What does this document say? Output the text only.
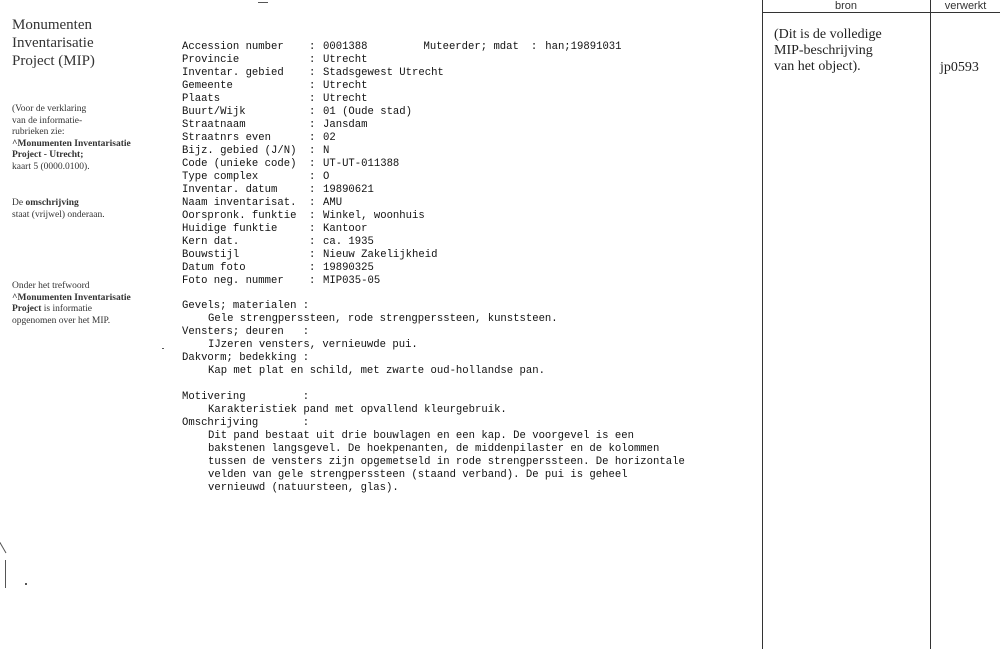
Monumenten
Inventarisatie
Project (MIP)
(Voor de verklaring
van de informatie-
rubrieken zie:
^Monumenten Inventarisatie
Project - Utrecht;
kaart 5 (0000.0100).
De omschrijving
staat (vrijwel) onderaan.
Onder het trefwoord
^Monumenten Inventarisatie
Project is informatie
opgenomen over het MIP.
Accession number	: 0001388	Muteerder; mdat : han;19891031
Provincie	: Utrecht
Inventar. gebied	: Stadsgewest Utrecht
Gemeente	: Utrecht
Plaats	: Utrecht
Buurt/Wijk	: 01 (Oude stad)
Straatnaam	: Jansdam
Straatnrs even	: 02
Bijz. gebied (J/N)	: N
Code (unieke code)	: UT-UT-011388
Type complex	: O
Inventar. datum	: 19890621
Naam inventarisat.	: AMU
Oorspronk. funktie	: Winkel, woonhuis
Huidige funktie	: Kantoor
Kern dat.	: ca. 1935
Bouwstijl	: Nieuw Zakelijkheid
Datum foto	: 19890325
Foto neg. nummer	: MIP035-05
Gevels; materialen :
Gele strengperssteen, rode strengperssteen, kunststeen.
Vensters; deuren   :
IJzeren vensters, vernieuwde pui.
Dakvorm; bedekking :
Kap met plat en schild, met zwarte oud-hollandse pan.
Motivering         :
Karakteristiek pand met opvallend kleurgebruik.
Omschrijving       :
Dit pand bestaat uit drie bouwlagen en een kap. De voorgevel is een
bakstenen langsgevel. De hoekpenanten, de middenpilaster en de kolommen
tussen de vensters zijn opgemetseld in rode strengperssteen. De horizontale
velden van gele strengperssteen (staand verband). De pui is geheel
vernieuwd (natuursteen, glas).
bron	verwerkt
(Dit is de volledige
MIP-beschrijving
van het object).	jp0593
